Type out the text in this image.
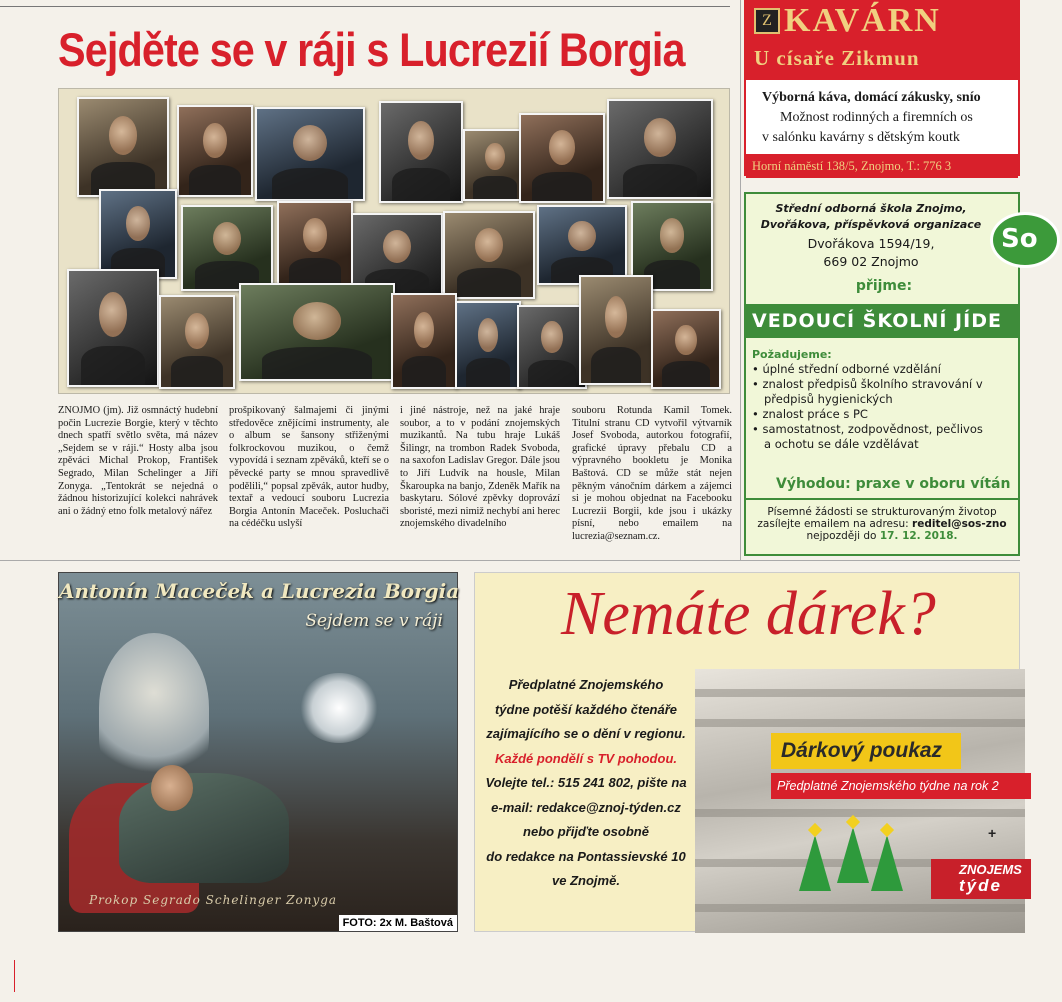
Sejděte se v ráji s Lucrezií Borgia
ZNOJMO (jm). Již osmnáctý hudební počin Lucrezie Borgie, který v těchto dnech spatří světlo světa, má název „Sejdem se v ráji.“ Hosty alba jsou zpěváci Michal Prokop, František Segrado, Milan Schelinger a Jiří Zonyga. „Tentokrát se nejedná o žádnou historizující kolekci nahrávek ani o žádný etno folk metalový nářez
prošpikovaný šalmajemi či jinými středověce znějícími instrumenty, ale o album se šansony střiženými folkrockovou muzikou, o čemž vypovídá i seznam zpěváků, kteří se o pěvecké party se mnou spravedlivě podělili,“ popsal zpěvák, autor hudby, textař a vedoucí souboru Lucrezia Borgia Antonín Maceček. Posluchači na cédéčku uslyší
i jiné nástroje, než na jaké hraje soubor, a to v podání znojemských muzikantů. Na tubu hraje Lukáš Šilingr, na trombon Radek Svoboda, na saxofon Ladislav Gregor. Dále jsou to Jiří Ludvík na housle, Milan Škaroupka na banjo, Zdeněk Mařík na baskytaru. Sólové zpěvky doprovází sboristé, mezi nimiž nechybí ani herec znojemského divadelního
souboru Rotunda Kamil Tomek. Titulní stranu CD vytvořil výtvarník Josef Svoboda, autorkou fotografií, grafické úpravy přebalu CD a výpravného bookletu je Monika Baštová. CD se může stát nejen pěkným vánočním dárkem a zájemci si je mohou objednat na Facebooku Lucrezii Borgii, kde jsou i ukázky písní, nebo emailem na lucrezia@seznam.cz.
Z KAVÁRN
U císaře Zikmun
Výborná káva, domácí zákusky, snío
Možnost rodinných a firemních os
v salónku kavárny s dětským koutk
Horní náměstí 138/5, Znojmo, T.: 776 3
So
Střední odborná škola Znojmo,
Dvořákova, příspěvková organizace
Dvořákova 1594/19,
669 02 Znojmo
přijme:
VEDOUCÍ ŠKOLNÍ JÍDE
Požadujeme:
• úplné střední odborné vzdělání
• znalost předpisů školního stravování v
předpisů hygienických
• znalost práce s PC
• samostatnost, zodpovědnost, pečlivos
a ochotu se dále vzdělávat
Výhodou: praxe v oboru vítán
Písemné žádosti se strukturovaným životop
zasílejte emailem na adresu: reditel@sos-zno
nejpozději do 17. 12. 2018.
Antonín Maceček a Lucrezia Borgia
Sejdem se v ráji
Prokop Segrado Schelinger Zonyga
FOTO: 2x M. Baštová
Nemáte dárek?
Předplatné Znojemského
týdne potěší každého čtenáře
zajímajícího se o dění v regionu.
Každé pondělí s TV pohodou.
Volejte tel.: 515 241 802, pište na
e-mail: redakce@znoj-týden.cz
nebo přijďte osobně
do redakce na Pontassievské 10
ve Znojmě.
Dárkový poukaz
Předplatné Znojemského týdne na rok 2
+
ZNOJEMS
týde
